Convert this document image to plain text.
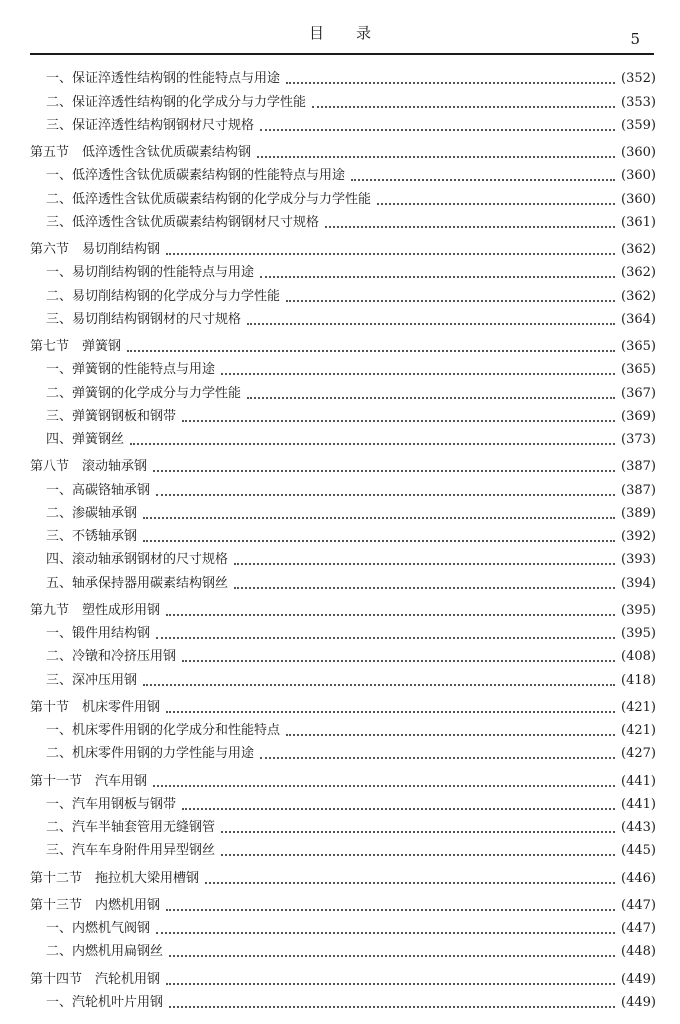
目录	5
一、保证淬透性结构钢的性能特点与用途	(352)
二、保证淬透性结构钢的化学成分与力学性能	(353)
三、保证淬透性结构钢钢材尺寸规格	(359)
第五节　低淬透性含钛优质碳素结构钢	(360)
一、低淬透性含钛优质碳素结构钢的性能特点与用途	(360)
二、低淬透性含钛优质碳素结构钢的化学成分与力学性能	(360)
三、低淬透性含钛优质碳素结构钢钢材尺寸规格	(361)
第六节　易切削结构钢	(362)
一、易切削结构钢的性能特点与用途	(362)
二、易切削结构钢的化学成分与力学性能	(362)
三、易切削结构钢钢材的尺寸规格	(364)
第七节　弹簧钢	(365)
一、弹簧钢的性能特点与用途	(365)
二、弹簧钢的化学成分与力学性能	(367)
三、弹簧钢钢板和钢带	(369)
四、弹簧钢丝	(373)
第八节　滚动轴承钢	(387)
一、高碳铬轴承钢	(387)
二、渗碳轴承钢	(389)
三、不锈轴承钢	(392)
四、滚动轴承钢钢材的尺寸规格	(393)
五、轴承保持器用碳素结构钢丝	(394)
第九节　塑性成形用钢	(395)
一、锻件用结构钢	(395)
二、冷镦和冷挤压用钢	(408)
三、深冲压用钢	(418)
第十节　机床零件用钢	(421)
一、机床零件用钢的化学成分和性能特点	(421)
二、机床零件用钢的力学性能与用途	(427)
第十一节　汽车用钢	(441)
一、汽车用钢板与钢带	(441)
二、汽车半轴套管用无缝钢管	(443)
三、汽车车身附件用异型钢丝	(445)
第十二节　拖拉机大梁用槽钢	(446)
第十三节　内燃机用钢	(447)
一、内燃机气阀钢	(447)
二、内燃机用扁钢丝	(448)
第十四节　汽轮机用钢	(449)
一、汽轮机叶片用钢	(449)
